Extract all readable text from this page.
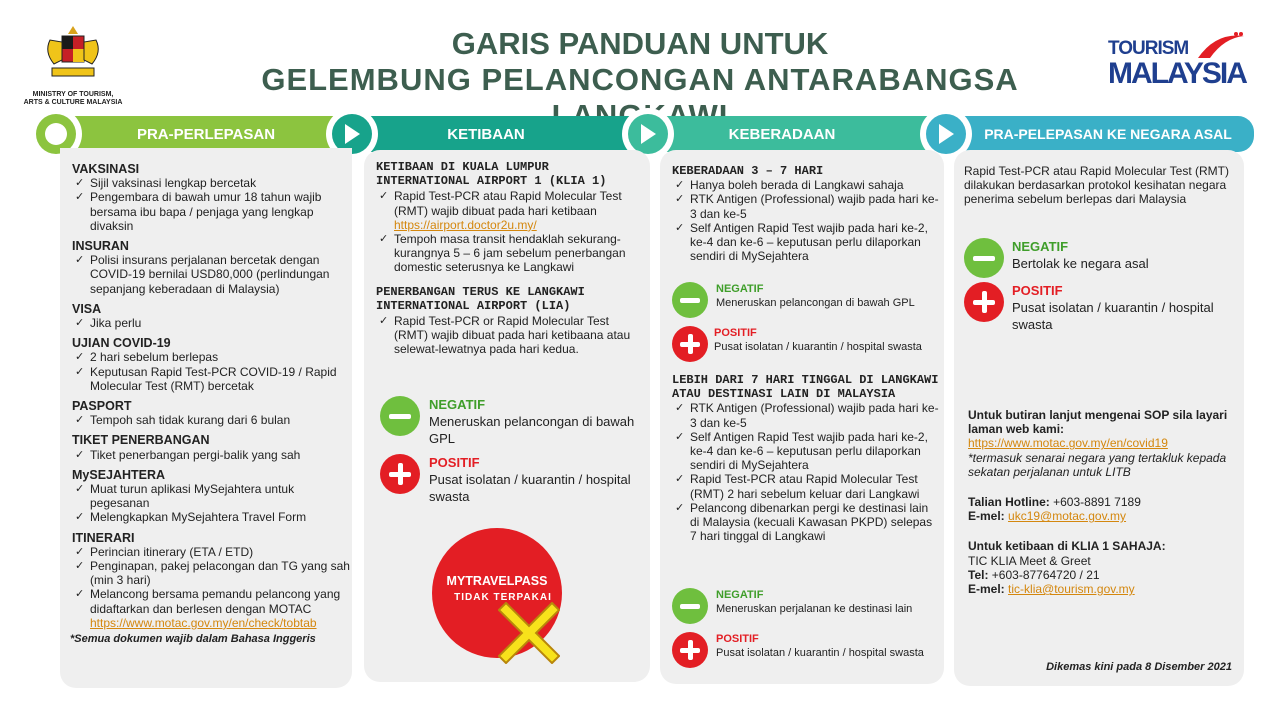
MINISTRY OF TOURISM,
ARTS & CULTURE MALAYSIA
GARIS PANDUAN UNTUK
GELEMBUNG PELANCONGAN ANTARABANGSA
TOURISM
MALAYSIA
PRA-PERLEPASAN	KETIBAAN	KEBERADAAN	PRA-PELEPASAN KE NEGARA ASAL
VAKSINASI
✓ Sijil vaksinasi lengkap bercetak
✓ Pengembara di bawah umur 18 tahun wajib bersama ibu bapa / penjaga yang lengkap divaksin
INSURAN
✓ Polisi insurans perjalanan bercetak dengan COVID-19 bernilai USD80,000 (perlindungan sepanjang keberadaan di Malaysia)
VISA
✓ Jika perlu
UJIAN COVID-19
✓ 2 hari sebelum berlepas
✓ Keputusan Rapid Test-PCR COVID-19 / Rapid Molecular Test (RMT) bercetak
PASPORT
✓ Tempoh sah tidak kurang dari 6 bulan
TIKET PENERBANGAN
✓ Tiket penerbangan pergi-balik yang sah
MySEJAHTERA
✓ Muat turun aplikasi MySejahtera untuk pegesanan
✓ Melengkapkan MySejahtera Travel Form
ITINERARI
✓ Perincian itinerary (ETA / ETD)
✓ Penginapan, pakej pelacongan dan TG yang sah (min 3 hari)
✓ Melancong bersama pemandu pelancong yang didaftarkan dan berlesen dengan MOTAC
https://www.motac.gov.my/en/check/tobtab
*Semua dokumen wajib dalam Bahasa Inggeris
KETIBAAN DI KUALA LUMPUR INTERNATIONAL AIRPORT 1 (KLIA 1)
✓ Rapid Test-PCR atau Rapid Molecular Test (RMT) wajib dibuat pada hari ketibaan
https://airport.doctor2u.my/
✓ Tempoh masa transit hendaklah sekurang-kurangnya 5 – 6 jam sebelum penerbangan domestic seterusnya ke Langkawi
PENERBANGAN TERUS KE LANGKAWI INTERNATIONAL AIRPORT (LIA)
✓ Rapid Test-PCR or Rapid Molecular Test (RMT) wajib dibuat pada hari ketibaana atau selewat-lewatnya pada hari kedua.
NEGATIF
Meneruskan pelancongan di bawah GPL
POSITIF
Pusat isolatan / kuarantin / hospital swasta
MYTRAVELPASS
TIDAK TERPAKAI
KEBERADAAN 3 – 7 HARI
✓ Hanya boleh berada di Langkawi sahaja
✓ RTK Antigen (Professional) wajib pada hari ke-3 dan ke-5
✓ Self Antigen Rapid Test wajib pada hari ke-2, ke-4 dan ke-6 – keputusan perlu dilaporkan sendiri di MySejahtera
NEGATIF
Meneruskan pelancongan di bawah GPL
POSITIF
Pusat isolatan / kuarantin / hospital swasta
LEBIH DARI 7 HARI TINGGAL DI LANGKAWI ATAU DESTINASI LAIN DI MALAYSIA
✓ RTK Antigen (Professional) wajib pada hari ke-3 dan ke-5
✓ Self Antigen Rapid Test wajib pada hari ke-2, ke-4 dan ke-6 – keputusan perlu dilaporkan sendiri di MySejahtera
✓ Rapid Test-PCR atau Rapid Molecular Test (RMT) 2 hari sebelum keluar dari Langkawi
✓ Pelancong dibenarkan pergi ke destinasi lain di Malaysia (kecuali Kawasan PKPD) selepas 7 hari tinggal di Langkawi
NEGATIF
Meneruskan perjalanan ke destinasi lain
POSITIF
Pusat isolatan / kuarantin / hospital swasta
Rapid Test-PCR atau Rapid Molecular Test (RMT) dilakukan berdasarkan protokol kesihatan negara penerima sebelum berlepas dari Malaysia
NEGATIF
Bertolak ke negara asal
POSITIF
Pusat isolatan / kuarantin / hospital swasta
Untuk butiran lanjut mengenai SOP sila layari laman web kami:
https://www.motac.gov.my/en/covid19
*termasuk senarai negara yang tertakluk kepada sekatan perjalanan untuk LITB
Talian Hotline: +603-8891 7189
E-mel: ukc19@motac.gov.my
Untuk ketibaan di KLIA 1 SAHAJA:
TIC KLIA Meet & Greet
Tel: +603-87764720 / 21
E-mel: tic-klia@tourism.gov.my
Dikemas kini pada 8 Disember 2021
